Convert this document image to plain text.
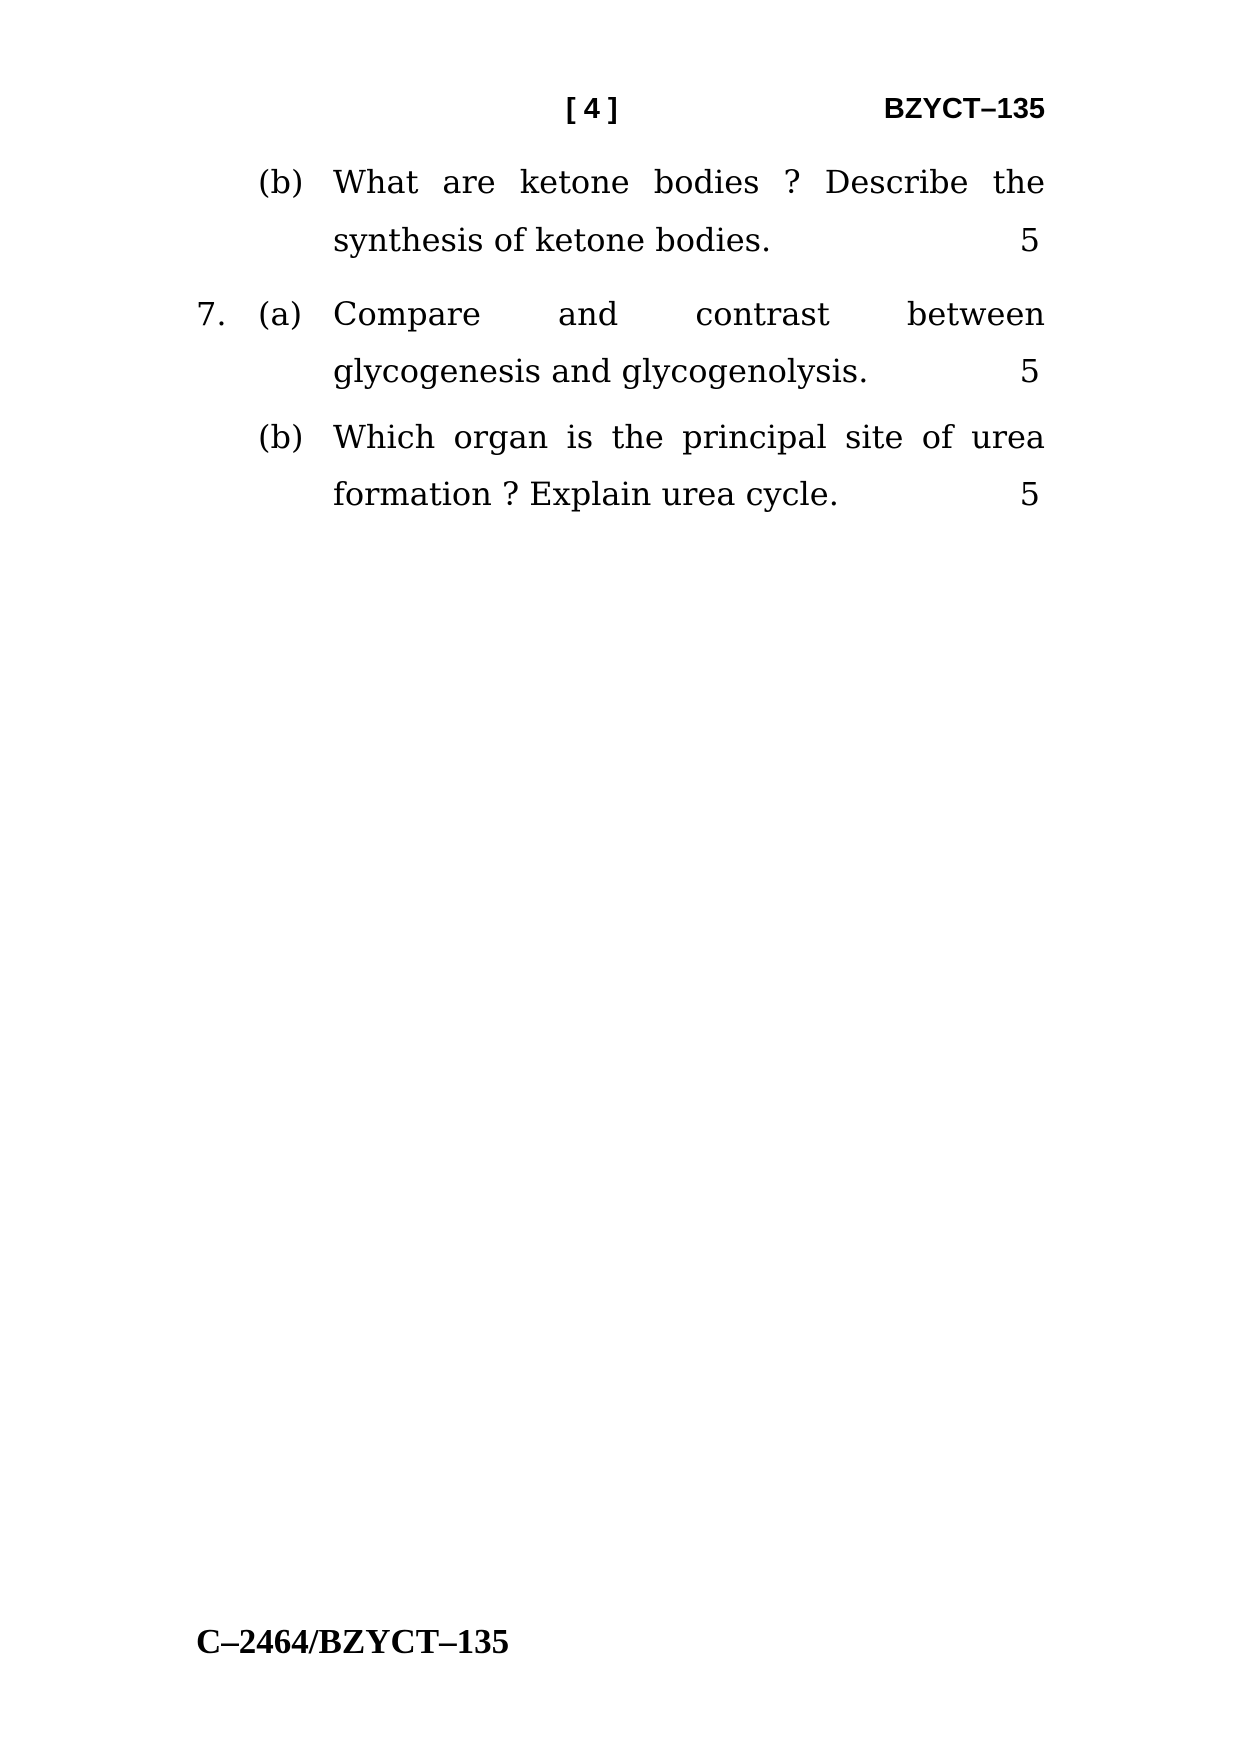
[ 4 ]	BZYCT–135
(b) What are ketone bodies ? Describe the
synthesis of ketone bodies.	5
7. (a) Compare and contrast between
glycogenesis and glycogenolysis.	5
(b) Which organ is the principal site of urea
formation ? Explain urea cycle.	5
C–2464/BZYCT–135
